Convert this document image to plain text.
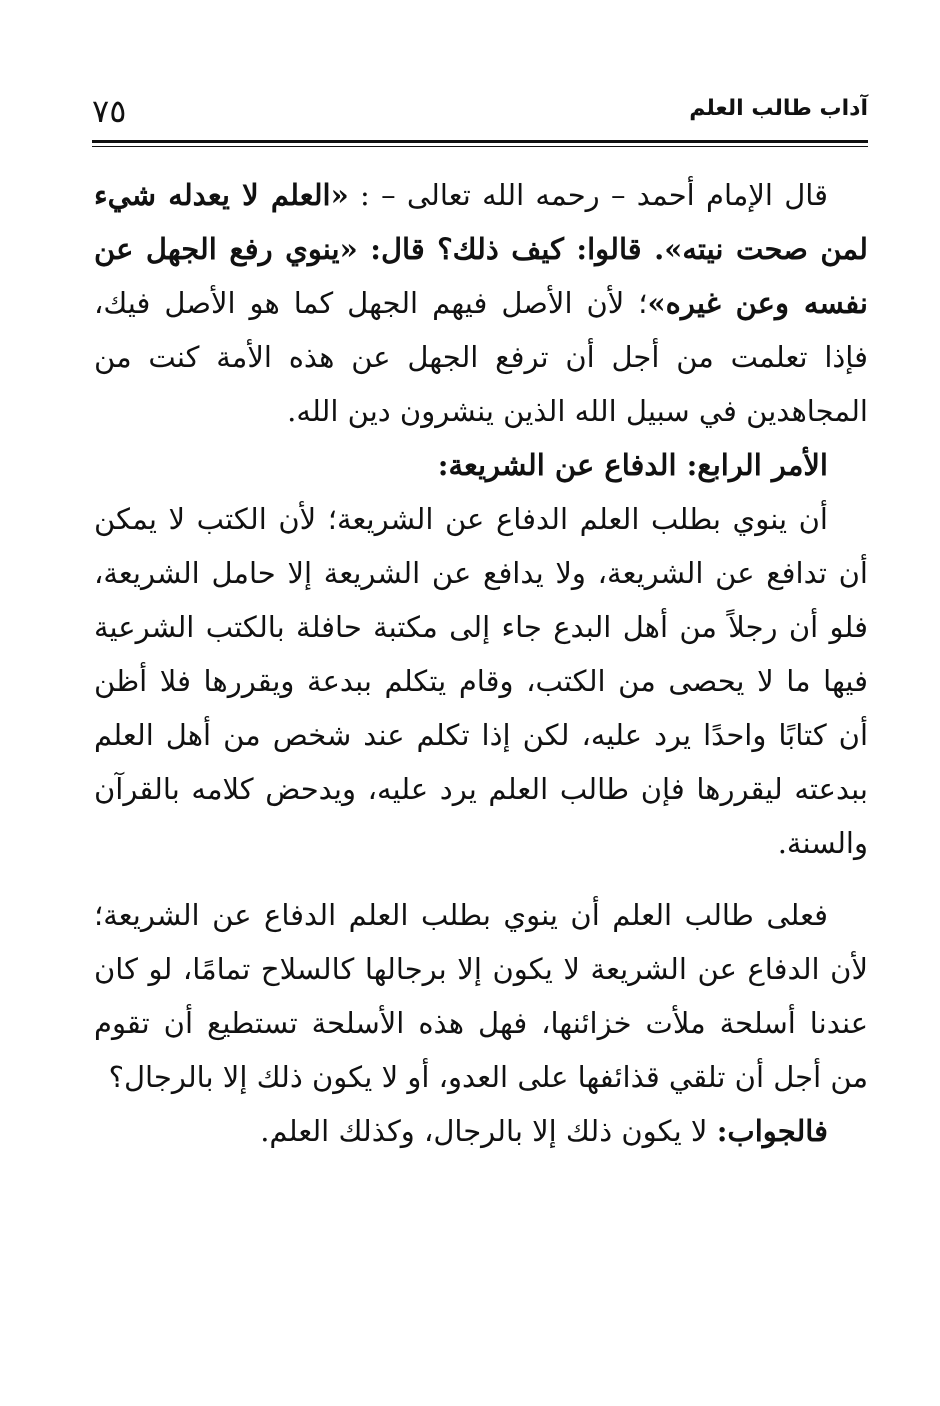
آداب طالب العلم
٧٥

قال الإمام أحمد – رحمه الله تعالى – : «العلم لا يعدله شيء لمن صحت نيته». قالوا: كيف ذلك؟ قال: «ينوي رفع الجهل عن نفسه وعن غيره»؛ لأن الأصل فيهم الجهل كما هو الأصل فيك، فإذا تعلمت من أجل أن ترفع الجهل عن هذه الأمة كنت من المجاهدين في سبيل الله الذين ينشرون دين الله.

الأمر الرابع: الدفاع عن الشريعة:

أن ينوي بطلب العلم الدفاع عن الشريعة؛ لأن الكتب لا يمكن أن تدافع عن الشريعة، ولا يدافع عن الشريعة إلا حامل الشريعة، فلو أن رجلاً من أهل البدع جاء إلى مكتبة حافلة بالكتب الشرعية فيها ما لا يحصى من الكتب، وقام يتكلم ببدعة ويقررها فلا أظن أن كتابًا واحدًا يرد عليه، لكن إذا تكلم عند شخص من أهل العلم ببدعته ليقررها فإن طالب العلم يرد عليه، ويدحض كلامه بالقرآن والسنة.

فعلى طالب العلم أن ينوي بطلب العلم الدفاع عن الشريعة؛ لأن الدفاع عن الشريعة لا يكون إلا برجالها كالسلاح تمامًا، لو كان عندنا أسلحة ملأت خزائنها، فهل هذه الأسلحة تستطيع أن تقوم من أجل أن تلقي قذائفها على العدو، أو لا يكون ذلك إلا بالرجال؟

فالجواب: لا يكون ذلك إلا بالرجال، وكذلك العلم.
